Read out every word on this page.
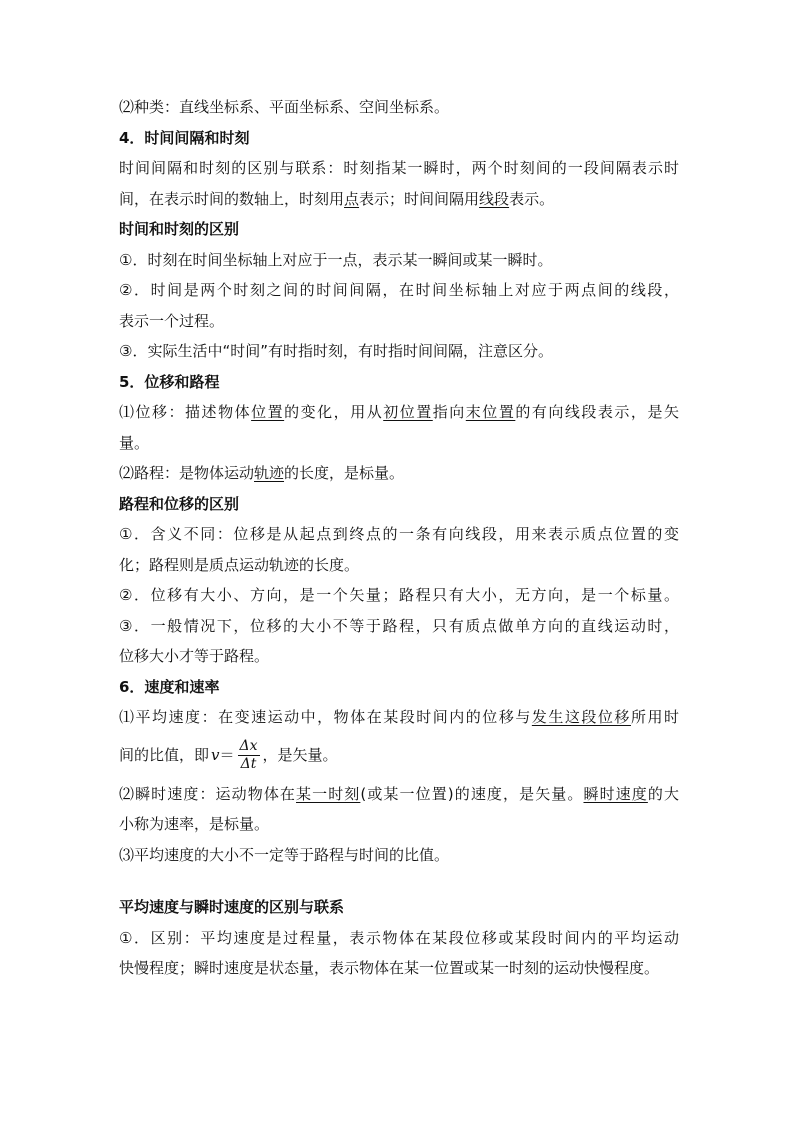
⑵种类：直线坐标系、平面坐标系、空间坐标系。
4．时间间隔和时刻
时间间隔和时刻的区别与联系：时刻指某一瞬时，两个时刻间的一段间隔表示时
间，在表示时间的数轴上，时刻用点表示；时间间隔用线段表示。
时间和时刻的区别
①．时刻在时间坐标轴上对应于一点，表示某一瞬间或某一瞬时。
②．时间是两个时刻之间的时间间隔，在时间坐标轴上对应于两点间的线段，
表示一个过程。
③．实际生活中“时间”有时指时刻，有时指时间间隔，注意区分。
5．位移和路程
⑴位移：描述物体位置的变化，用从初位置指向末位置的有向线段表示，是矢
量。
⑵路程：是物体运动轨迹的长度，是标量。
路程和位移的区别
①．含义不同：位移是从起点到终点的一条有向线段，用来表示质点位置的变
化；路程则是质点运动轨迹的长度。
②．位移有大小、方向，是一个矢量；路程只有大小，无方向，是一个标量。
③．一般情况下，位移的大小不等于路程，只有质点做单方向的直线运动时，
位移大小才等于路程。
6．速度和速率
⑴平均速度：在变速运动中，物体在某段时间内的位移与发生这段位移所用时
间的比值，即 $v = \frac{\Delta x}{\Delta t}$ ，是矢量。
⑵瞬时速度：运动物体在某一时刻(或某一位置)的速度，是矢量。瞬时速度的大
小称为速率，是标量。
⑶平均速度的大小不一定等于路程与时间的比值。
平均速度与瞬时速度的区别与联系
①．区别：平均速度是过程量，表示物体在某段位移或某段时间内的平均运动
快慢程度；瞬时速度是状态量，表示物体在某一位置或某一时刻的运动快慢程度。
